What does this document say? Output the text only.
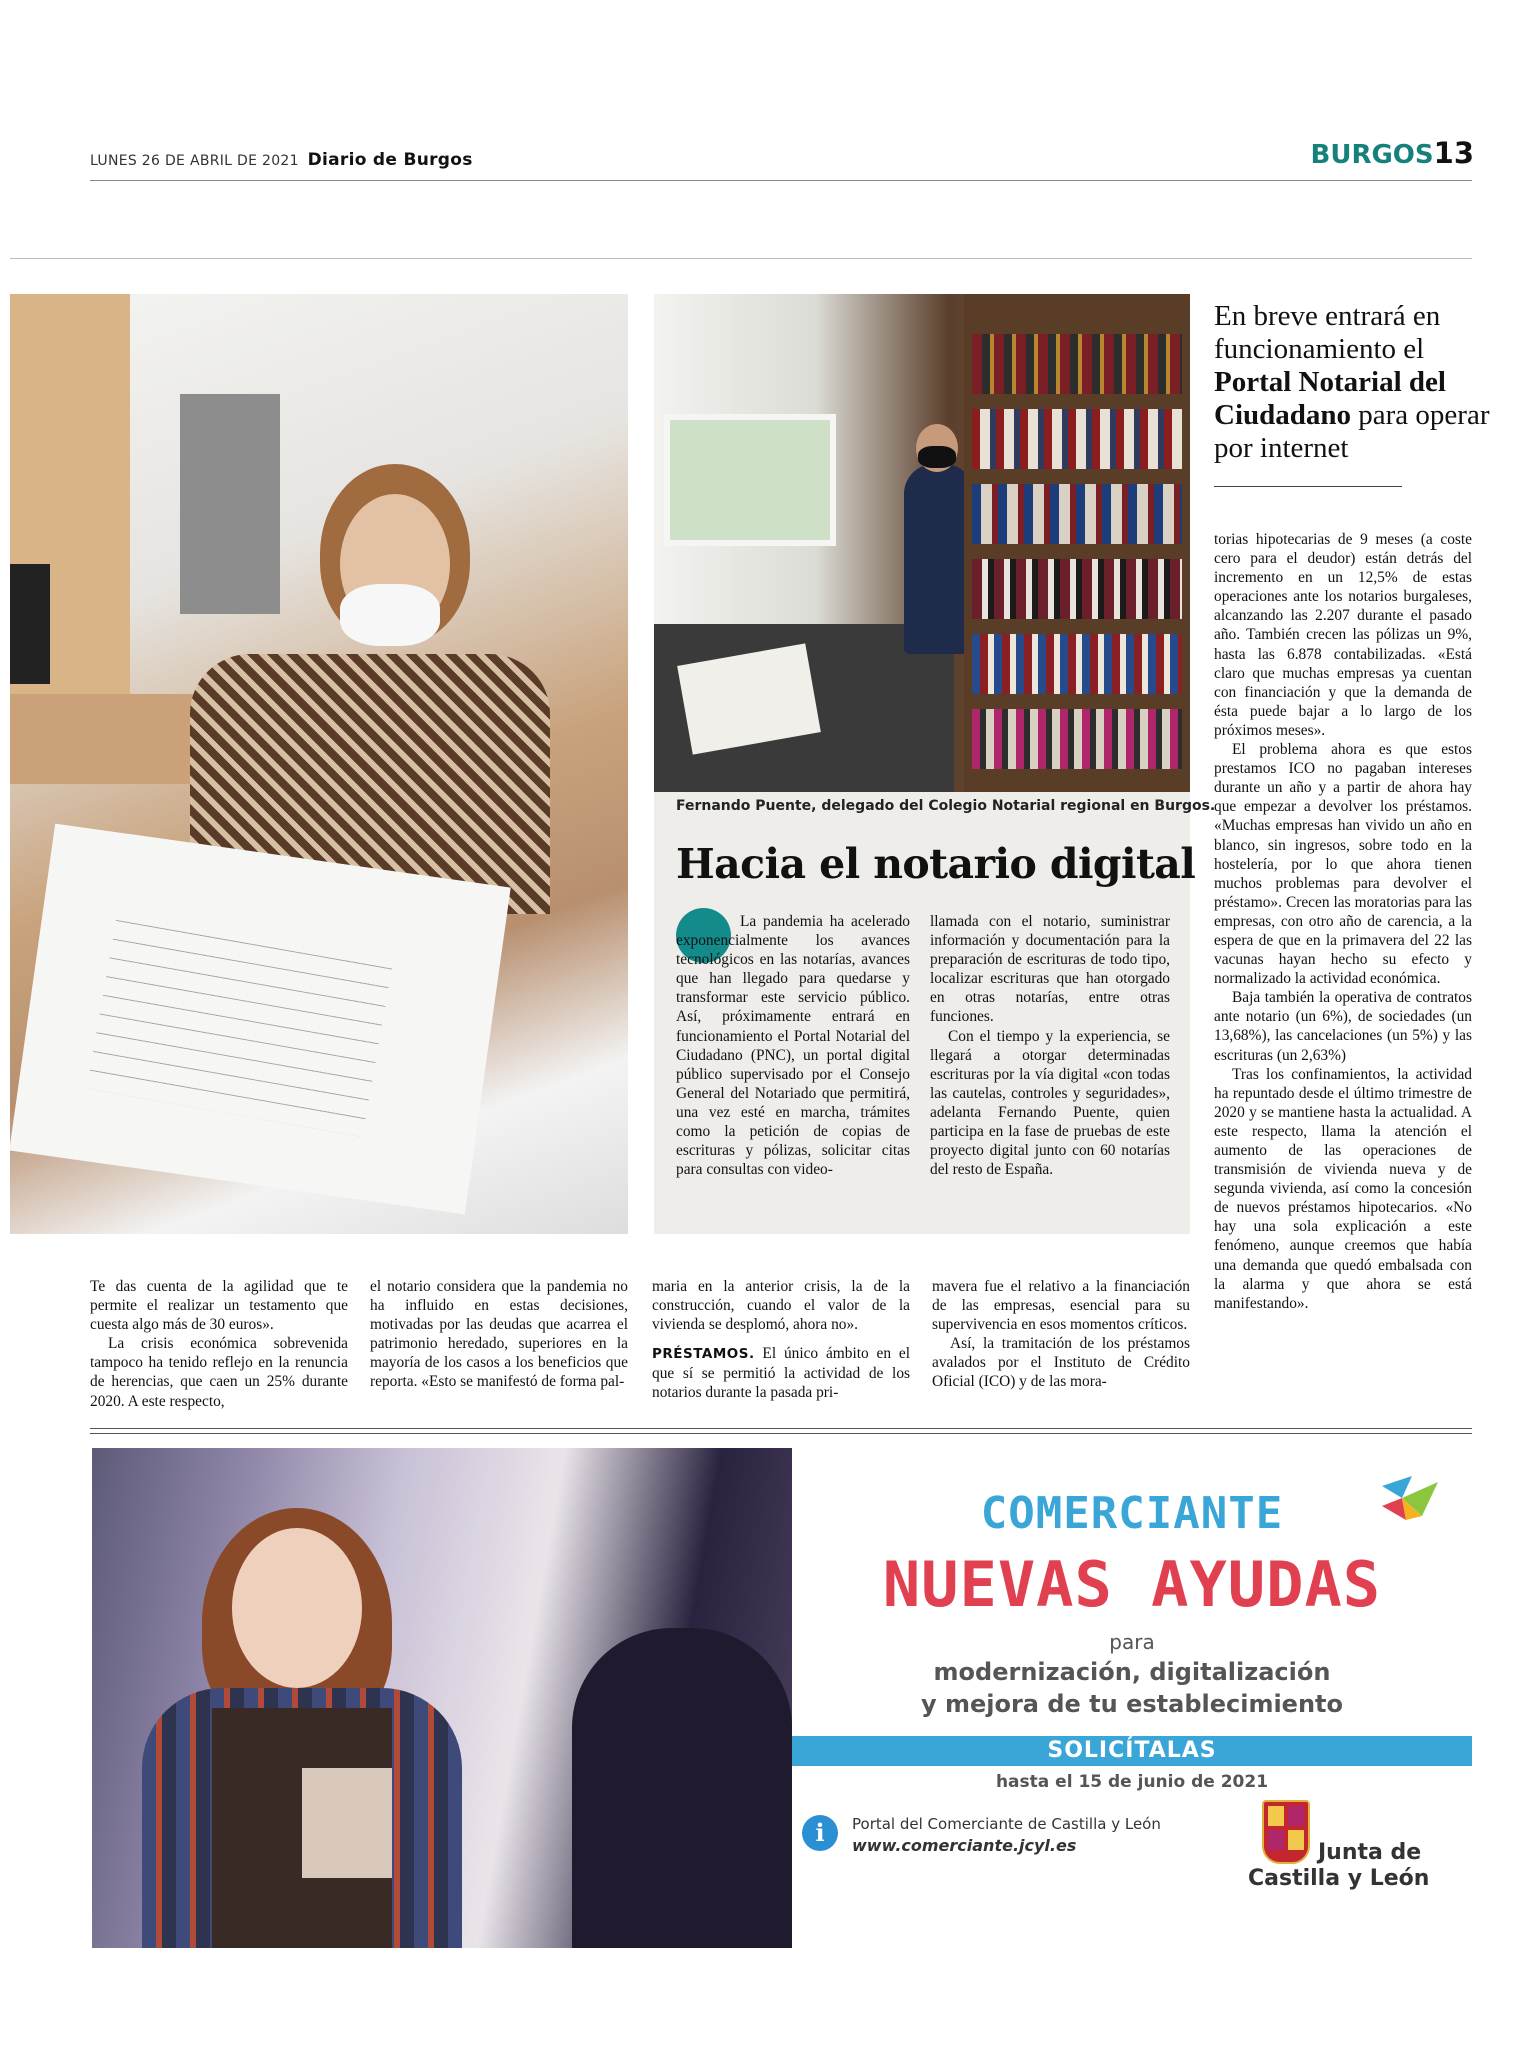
LUNES 26 DE ABRIL DE 2021 Diario de Burgos	BURGOS13
Fernando Puente, delegado del Colegio Notarial regional en Burgos.
Hacia el notario digital

La pandemia ha acelerado exponencialmente los avances tecnológicos en las notarías, avances que han llegado para quedarse y transformar este servicio público. Así, próximamente entrará en funcionamiento el Portal Notarial del Ciudadano (PNC), un portal digital público supervisado por el Consejo General del Notariado que permitirá, una vez esté en marcha, trámites como la petición de copias de escrituras y pólizas, solicitar citas para consultas con video-

llamada con el notario, suministrar información y documentación para la preparación de escrituras de todo tipo, localizar escrituras que han otorgado en otras notarías, entre otras funciones.

Con el tiempo y la experiencia, se llegará a otorgar determinadas escrituras por la vía digital «con todas las cautelas, controles y seguridades», adelanta Fernando Puente, quien participa en la fase de pruebas de este proyecto digital junto con 60 notarías del resto de España.

En breve entrará en funcionamiento el Portal Notarial del Ciudadano para operar por internet

torias hipotecarias de 9 meses (a coste cero para el deudor) están detrás del incremento en un 12,5% de estas operaciones ante los notarios burgaleses, alcanzando las 2.207 durante el pasado año. También crecen las pólizas un 9%, hasta las 6.878 contabilizadas. «Está claro que muchas empresas ya cuentan con financiación y que la demanda de ésta puede bajar a lo largo de los próximos meses».

El problema ahora es que estos prestamos ICO no pagaban intereses durante un año y a partir de ahora hay que empezar a devolver los préstamos. «Muchas empresas han vivido un año en blanco, sin ingresos, sobre todo en la hostelería, por lo que ahora tienen muchos problemas para devolver el préstamo». Crecen las moratorias para las empresas, con otro año de carencia, a la espera de que en la primavera del 22 las vacunas hayan hecho su efecto y normalizado la actividad económica.

Baja también la operativa de contratos ante notario (un 6%), de sociedades (un 13,68%), las cancelaciones (un 5%) y las escrituras (un 2,63%)

Tras los confinamientos, la actividad ha repuntado desde el último trimestre de 2020 y se mantiene hasta la actualidad. A este respecto, llama la atención el aumento de las operaciones de transmisión de vivienda nueva y de segunda vivienda, así como la concesión de nuevos préstamos hipotecarios. «No hay una sola explicación a este fenómeno, aunque creemos que había una demanda que quedó embalsada con la alarma y que ahora se está manifestando».

Te das cuenta de la agilidad que te permite el realizar un testamento que cuesta algo más de 30 euros».

La crisis económica sobrevenida tampoco ha tenido reflejo en la renuncia de herencias, que caen un 25% durante 2020. A este respecto,

el notario considera que la pandemia no ha influido en estas decisiones, motivadas por las deudas que acarrea el patrimonio heredado, superiores en la mayoría de los casos a los beneficios que reporta. «Esto se manifestó de forma pal-

maria en la anterior crisis, la de la construcción, cuando el valor de la vivienda se desplomó, ahora no».

PRÉSTAMOS. El único ámbito en el que sí se permitió la actividad de los notarios durante la pasada pri-

mavera fue el relativo a la financiación de las empresas, esencial para su supervivencia en esos momentos críticos.

Así, la tramitación de los préstamos avalados por el Instituto de Crédito Oficial (ICO) y de las mora-

COMERCIANTE
NUEVAS AYUDAS
para
modernización, digitalización
y mejora de tu establecimiento
SOLICÍTALAS
hasta el 15 de junio de 2021
i	Portal del Comerciante de Castilla y León
www.comerciante.jcyl.es	Junta de
Castilla y León
